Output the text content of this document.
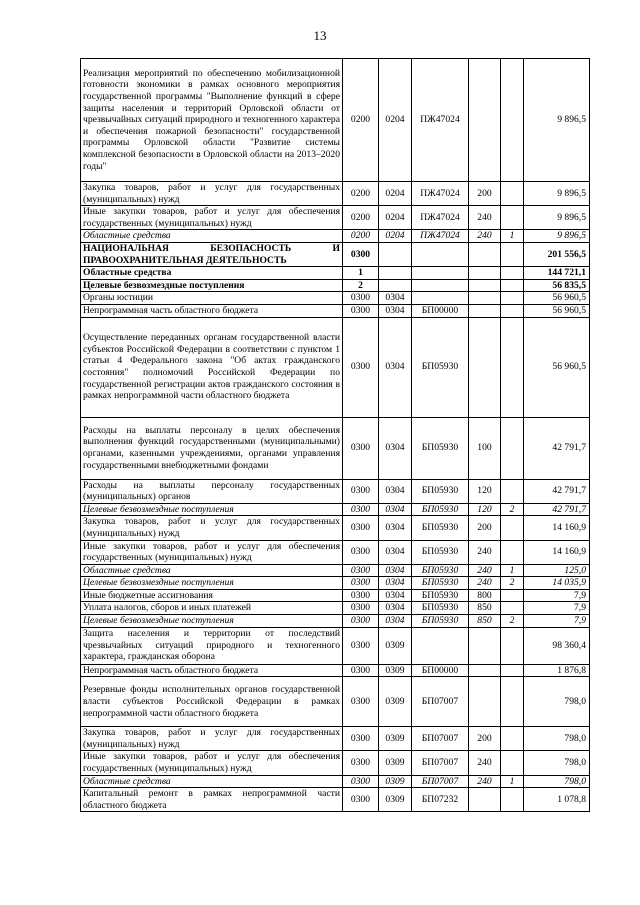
13
Реализация мероприятий по обеспечению мобилизационной готовности экономики в рамках основного мероприятия государственной программы "Выполнение функций в сфере защиты населения и территорий Орловской области от чрезвычайных ситуаций природного и техногенного характера и обеспечения пожарной безопасности" государственной программы Орловской области "Развитие системы комплексной безопасности в Орловской области на 2013–2020 годы"	0200	0204	ПЖ47024			9 896,5
Закупка товаров, работ и услуг для государственных (муниципальных) нужд	0200	0204	ПЖ47024	200		9 896,5
Иные закупки товаров, работ и услуг для обеспечения государственных (муниципальных) нужд	0200	0204	ПЖ47024	240		9 896,5
Областные средства	0200	0204	ПЖ47024	240	1	9 896,5
НАЦИОНАЛЬНАЯ БЕЗОПАСНОСТЬ И ПРАВООХРАНИТЕЛЬНАЯ ДЕЯТЕЛЬНОСТЬ	0300					201 556,5
Областные средства	1					144 721,1
Целевые безвозмездные поступления	2					56 835,5
Органы юстиции	0300	0304				56 960,5
Непрограммная часть областного бюджета	0300	0304	БП00000			56 960,5
Осуществление переданных органам государственной власти субъектов Российской Федерации в соответствии с пунктом 1 статьи 4 Федерального закона "Об актах гражданского состояния" полномочий Российской Федерации по государственной регистрации актов гражданского состояния в рамках непрограммной части областного бюджета	0300	0304	БП05930			56 960,5
Расходы на выплаты персоналу в целях обеспечения выполнения функций государственными (муниципальными) органами, казенными учреждениями, органами управления государственными внебюджетными фондами	0300	0304	БП05930	100		42 791,7
Расходы на выплаты персоналу государственных (муниципальных) органов	0300	0304	БП05930	120		42 791,7
Целевые безвозмездные поступления	0300	0304	БП05930	120	2	42 791,7
Закупка товаров, работ и услуг для государственных (муниципальных) нужд	0300	0304	БП05930	200		14 160,9
Иные закупки товаров, работ и услуг для обеспечения государственных (муниципальных) нужд	0300	0304	БП05930	240		14 160,9
Областные средства	0300	0304	БП05930	240	1	125,0
Целевые безвозмездные поступления	0300	0304	БП05930	240	2	14 035,9
Иные бюджетные ассигнования	0300	0304	БП05930	800		7,9
Уплата налогов, сборов и иных платежей	0300	0304	БП05930	850		7,9
Целевые безвозмездные поступления	0300	0304	БП05930	850	2	7,9
Защита населения и территории от последствий чрезвычайных ситуаций природного и техногенного характера, гражданская оборона	0300	0309				98 360,4
Непрограммная часть областного бюджета	0300	0309	БП00000			1 876,8
Резервные фонды исполнительных органов государственной власти субъектов Российской Федерации в рамках непрограммной части областного бюджета	0300	0309	БП07007			798,0
Закупка товаров, работ и услуг для государственных (муниципальных) нужд	0300	0309	БП07007	200		798,0
Иные закупки товаров, работ и услуг для обеспечения государственных (муниципальных) нужд	0300	0309	БП07007	240		798,0
Областные средства	0300	0309	БП07007	240	1	798,0
Капитальный ремонт в рамках непрограммной части областного бюджета	0300	0309	БП07232			1 078,8
